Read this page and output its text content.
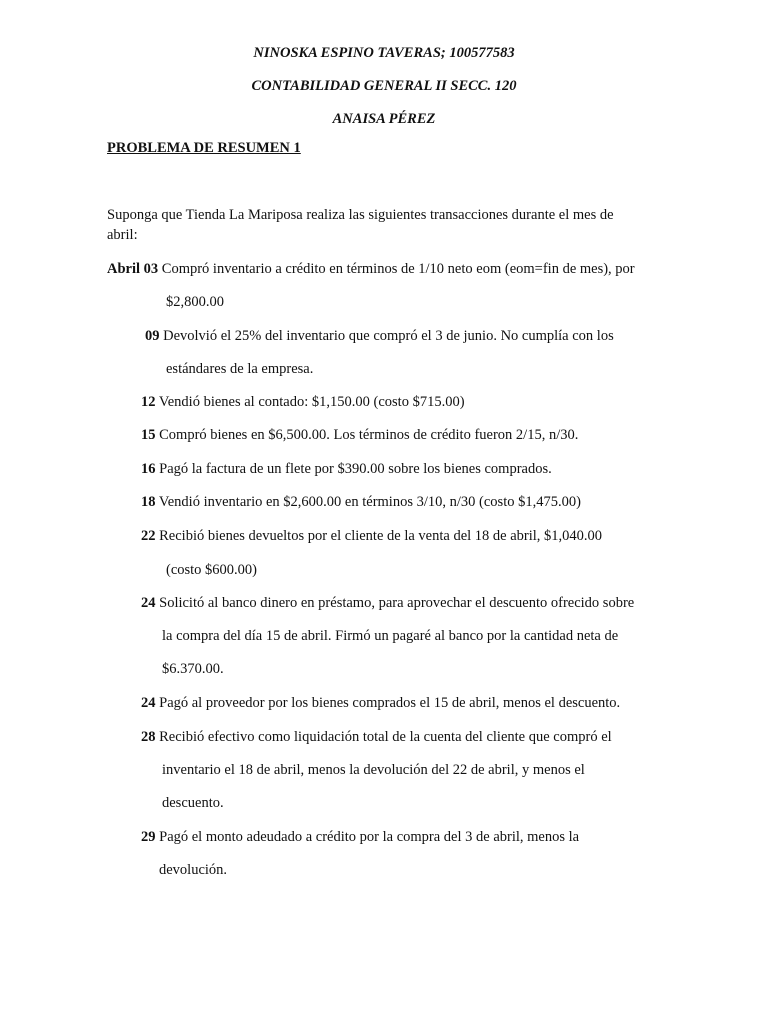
NINOSKA ESPINO TAVERAS; 100577583
CONTABILIDAD GENERAL II SECC. 120
ANAISA PÉREZ
PROBLEMA DE RESUMEN 1
Suponga que Tienda La Mariposa realiza las siguientes transacciones durante el mes de
abril:
Abril 03 Compró inventario a crédito en términos de 1/10 neto eom (eom=fin de mes), por
$2,800.00
09 Devolvió el 25% del inventario que compró el 3 de junio. No cumplía con los
estándares de la empresa.
12 Vendió bienes al contado: $1,150.00 (costo $715.00)
15 Compró bienes en $6,500.00. Los términos de crédito fueron 2/15, n/30.
16 Pagó la factura de un flete por $390.00 sobre los bienes comprados.
18 Vendió inventario en $2,600.00 en términos 3/10, n/30 (costo $1,475.00)
22 Recibió bienes devueltos por el cliente de la venta del 18 de abril, $1,040.00
(costo $600.00)
24 Solicitó al banco dinero en préstamo, para aprovechar el descuento ofrecido sobre
la compra del día 15 de abril. Firmó un pagaré al banco por la cantidad neta de
$6.370.00.
24 Pagó al proveedor por los bienes comprados el 15 de abril, menos el descuento.
28 Recibió efectivo como liquidación total de la cuenta del cliente que compró el
inventario el 18 de abril, menos la devolución del 22 de abril, y menos el
descuento.
29 Pagó el monto adeudado a crédito por la compra del 3 de abril, menos la
devolución.
